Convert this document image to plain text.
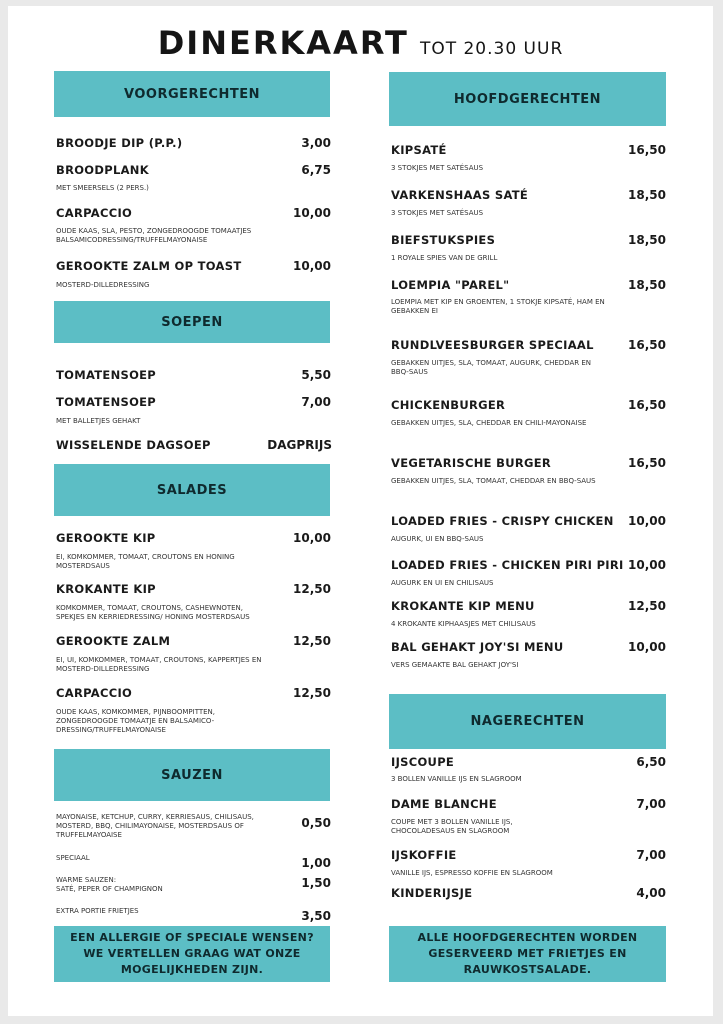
DINERKAART TOT 20.30 UUR
VOORGERECHTEN
BROODJE DIP (P.P.)	3,00
BROODPLANK	6,75
MET SMEERSELS (2 PERS.)
CARPACCIO	10,00
OUDE KAAS, SLA, PESTO, ZONGEDROOGDE TOMAATJES
BALSAMICODRESSING/TRUFFELMAYONAISE
GEROOKTE ZALM OP TOAST	10,00
MOSTERD-DILLEDRESSING
SOEPEN
TOMATENSOEP	5,50
TOMATENSOEP	7,00
MET BALLETJES GEHAKT
WISSELENDE DAGSOEP	DAGPRIJS
SALADES
GEROOKTE KIP	10,00
EI, KOMKOMMER, TOMAAT, CROUTONS EN HONING
MOSTERDSAUS
KROKANTE KIP	12,50
KOMKOMMER, TOMAAT, CROUTONS, CASHEWNOTEN,
SPEKJES EN KERRIEDRESSING/ HONING MOSTERDSAUS
GEROOKTE ZALM	12,50
EI, UI, KOMKOMMER, TOMAAT, CROUTONS, KAPPERTJES EN
MOSTERD-DILLEDRESSING
CARPACCIO	12,50
OUDE KAAS, KOMKOMMER, PIJNBOOMPITTEN,
ZONGEDROOGDE TOMAATJE EN BALSAMICO-
DRESSING/TRUFFELMAYONAISE
SAUZEN
MAYONAISE, KETCHUP, CURRY, KERRIESAUS, CHILISAUS,
MOSTERD, BBQ, CHILIMAYONAISE, MOSTERDSAUS OF
TRUFFELMAYOAISE
0,50
SPECIAAL	1,00
WARME SAUZEN:
SATÉ, PEPER OF CHAMPIGNON	1,50
EXTRA PORTIE FRIETJES	3,50
EEN ALLERGIE OF SPECIALE WENSEN?
WE VERTELLEN GRAAG WAT ONZE
MOGELIJKHEDEN ZIJN.
HOOFDGERECHTEN
KIPSATÉ	16,50
3 STOKJES MET SATÉSAUS
VARKENSHAAS SATÉ	18,50
3 STOKJES MET SATÉSAUS
BIEFSTUKSPIES	18,50
1 ROYALE SPIES VAN DE GRILL
LOEMPIA "PAREL"	18,50
LOEMPIA MET KIP EN GROENTEN, 1 STOKJE KIPSATÉ, HAM EN
GEBAKKEN EI
RUNDLVEESBURGER SPECIAAL	16,50
GEBAKKEN UITJES, SLA, TOMAAT, AUGURK, CHEDDAR EN
BBQ-SAUS
CHICKENBURGER	16,50
GEBAKKEN UITJES, SLA, CHEDDAR EN CHILI-MAYONAISE
VEGETARISCHE BURGER	16,50
GEBAKKEN UITJES, SLA, TOMAAT, CHEDDAR EN BBQ-SAUS
LOADED FRIES - CRISPY CHICKEN 10,00
AUGURK, UI EN BBQ-SAUS
LOADED FRIES - CHICKEN PIRI PIRI 10,00
AUGURK EN UI EN CHILISAUS
KROKANTE KIP MENU	12,50
4 KROKANTE KIPHAASJES MET CHILISAUS
BAL GEHAKT JOY'SI MENU	10,00
VERS GEMAAKTE BAL GEHAKT JOY'SI
NAGERECHTEN
IJSCOUPE	6,50
3 BOLLEN VANILLE IJS EN SLAGROOM
DAME BLANCHE	7,00
COUPE MET 3 BOLLEN VANILLE IJS,
CHOCOLADESAUS EN SLAGROOM
IJSKOFFIE	7,00
VANILLE IJS, ESPRESSO KOFFIE EN SLAGROOM
KINDERIJSJE	4,00
ALLE HOOFDGERECHTEN WORDEN
GESERVEERD MET FRIETJES EN
RAUWKOSTSALADE.
